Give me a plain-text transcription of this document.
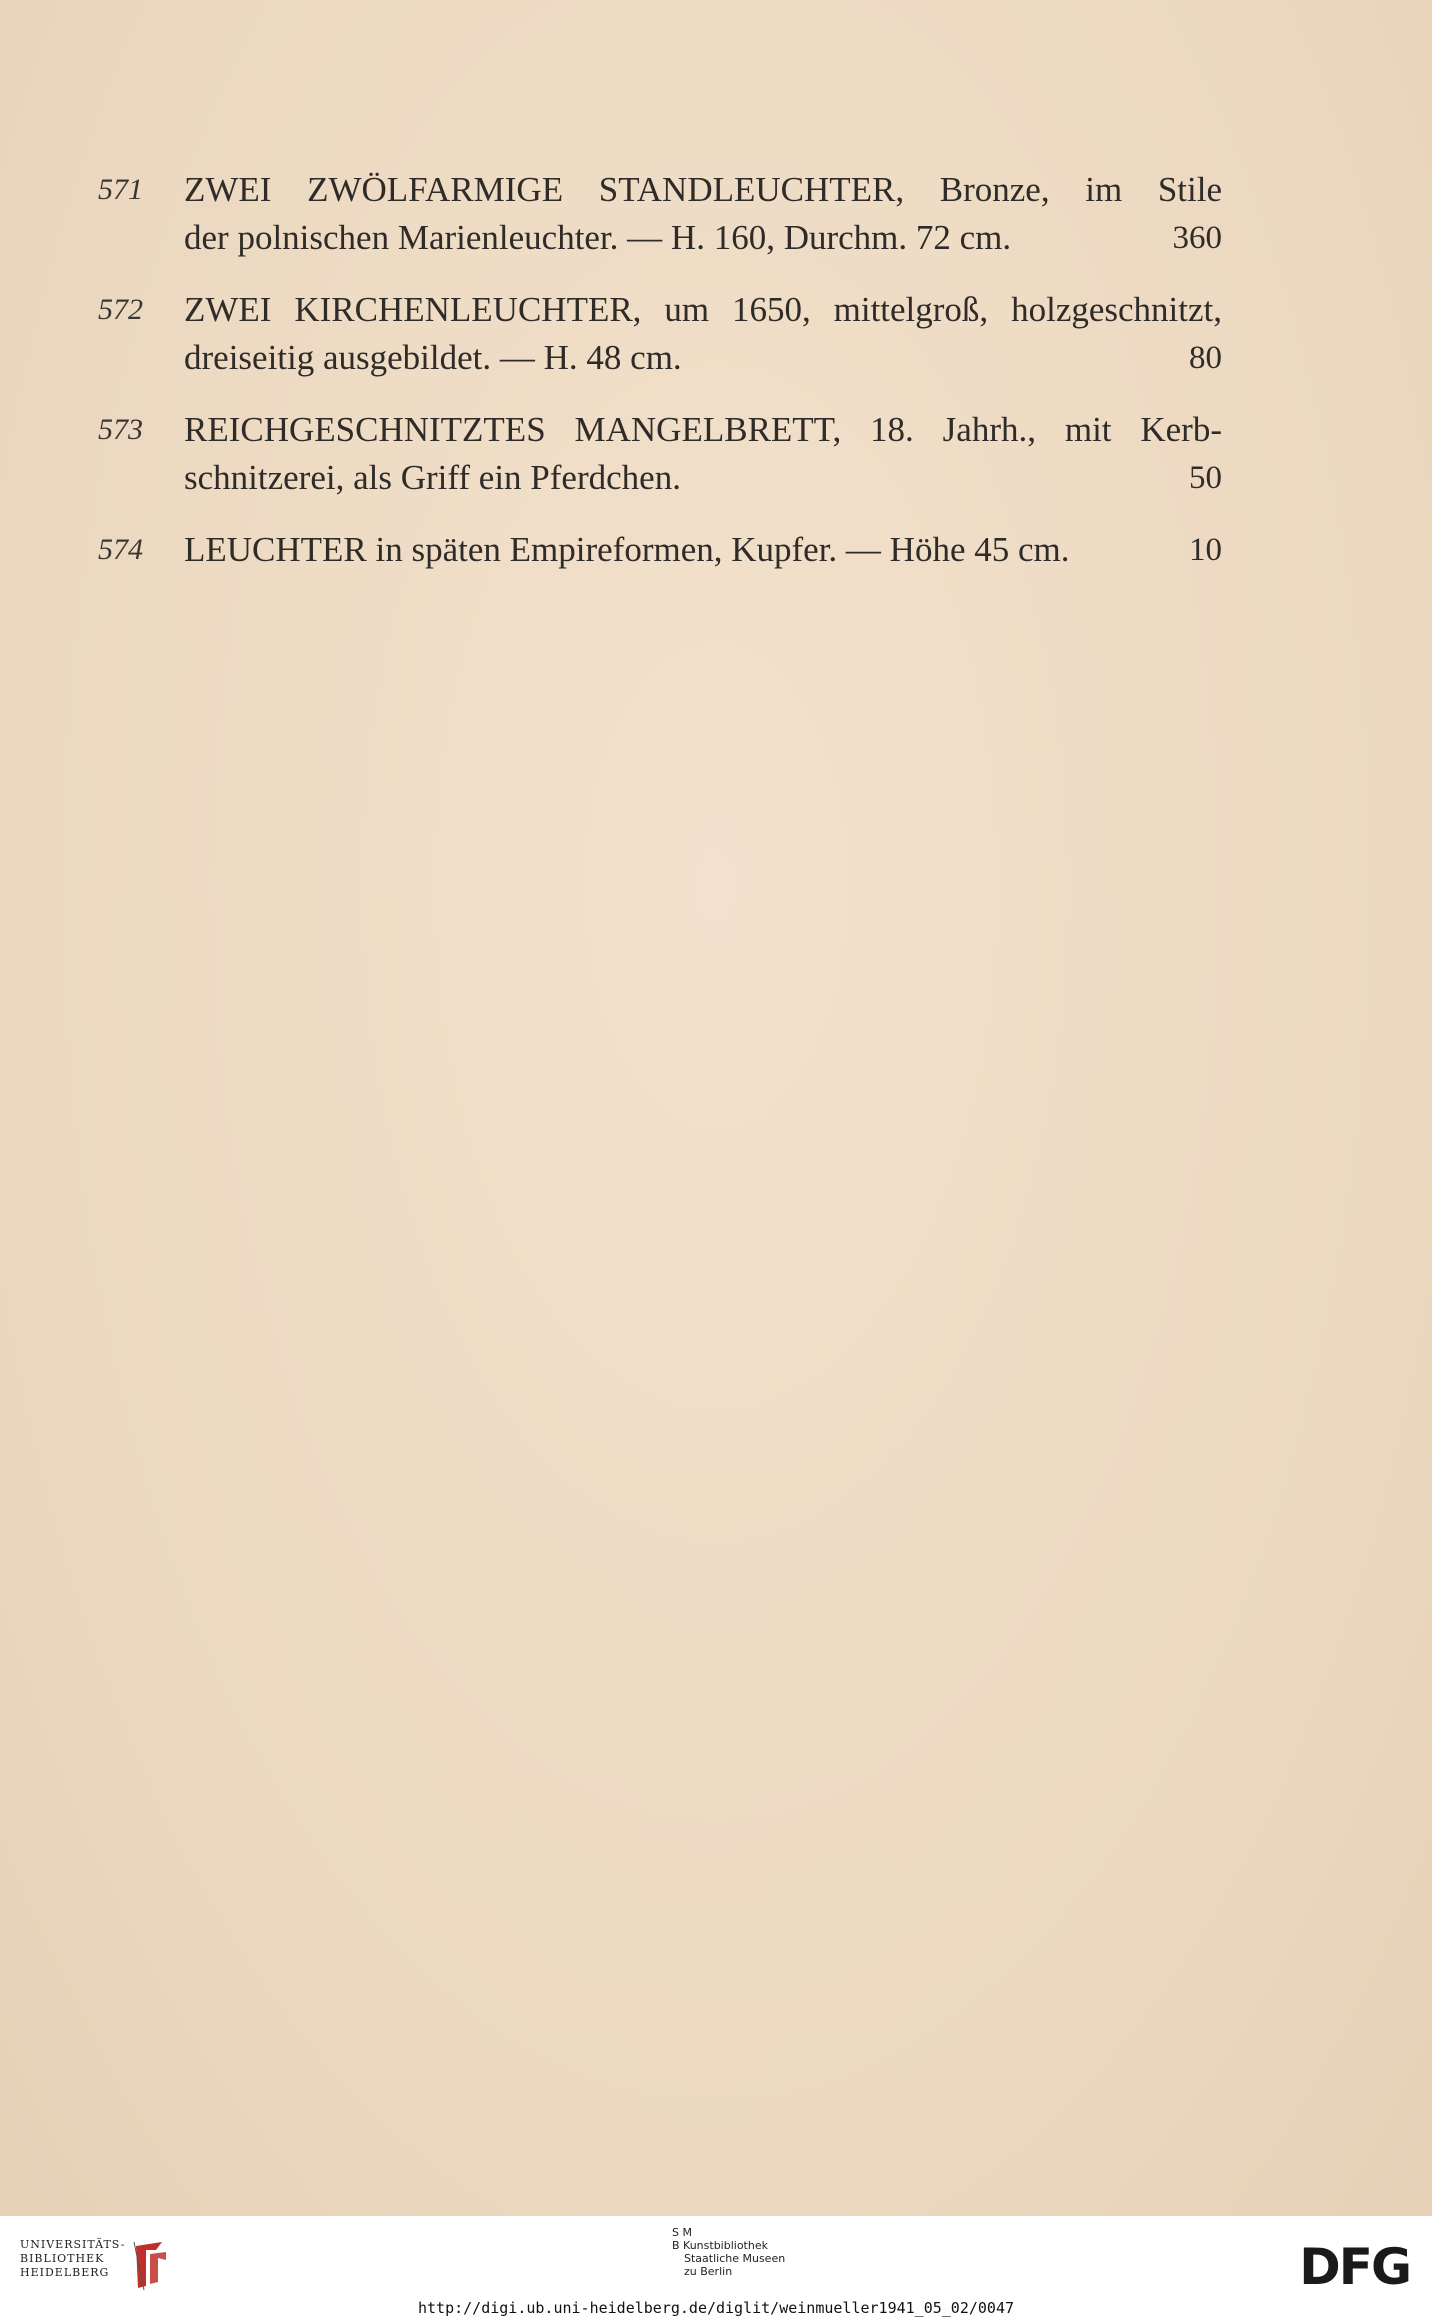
571	ZWEI ZWÖLFARMIGE STANDLEUCHTER, Bronze, im Stile
der polnischen Marienleuchter. — H. 160, Durchm. 72 cm.	360
572	ZWEI KIRCHENLEUCHTER, um 1650, mittelgroß, holzgeschnitzt,
dreiseitig ausgebildet. — H. 48 cm.	80
573	REICHGESCHNITZTES MANGELBRETT, 18. Jahrh., mit Kerb-
schnitzerei, als Griff ein Pferdchen.	50
574	LEUCHTER in späten Empireformen, Kupfer. — Höhe 45 cm.	10
UNIVERSITÄTS-
BIBLIOTHEK
HEIDELBERG
S M
B Kunstbibliothek
Staatliche Museen
zu Berlin	DFG
http://digi.ub.uni-heidelberg.de/diglit/weinmueller1941_05_02/0047
